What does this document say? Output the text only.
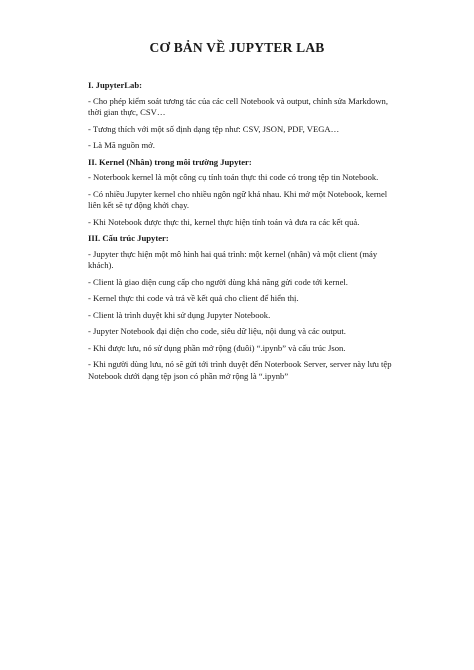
CƠ BẢN VỀ JUPYTER LAB
I. JupyterLab:
- Cho phép kiểm soát tương tác của các cell Notebook và output, chỉnh sửa Markdown, thời gian thực, CSV…
- Tương thích với một số định dạng tệp như: CSV, JSON, PDF, VEGA…
- Là Mã nguồn mở.
II. Kernel (Nhân) trong môi trường Jupyter:
- Noterbook kernel là một công cụ tính toán thực thi code có trong tệp tin Notebook.
- Có nhiều Jupyter kernel cho nhiều ngôn ngữ khá nhau. Khi mở một Notebook, kernel liên kết sẽ tự động khởi chạy.
- Khi Notebook được thực thi, kernel thực hiện tính toán và đưa ra các kết quả.
III. Cấu trúc Jupyter:
- Jupyter thực hiện một mô hình hai quá trình: một kernel (nhân) và một client (máy khách).
- Client là giao diện cung cấp cho người dùng khả năng gửi code tới kernel.
- Kernel thực thi code và trả về kết quả cho client để hiển thị.
- Client là trình duyệt khi sử dụng Jupyter Notebook.
- Jupyter Notebook đại diện cho code, siêu dữ liệu, nội dung và các output.
- Khi được lưu, nó sử dụng phần mở rộng (đuôi) “.ipynb” và cấu trúc Json.
- Khi người dùng lưu, nó sẽ gửi tới trình duyệt đến Noterbook Server, server này lưu tệp Notebook dưới dạng tệp json có phần mở rộng là “.ipynb”
